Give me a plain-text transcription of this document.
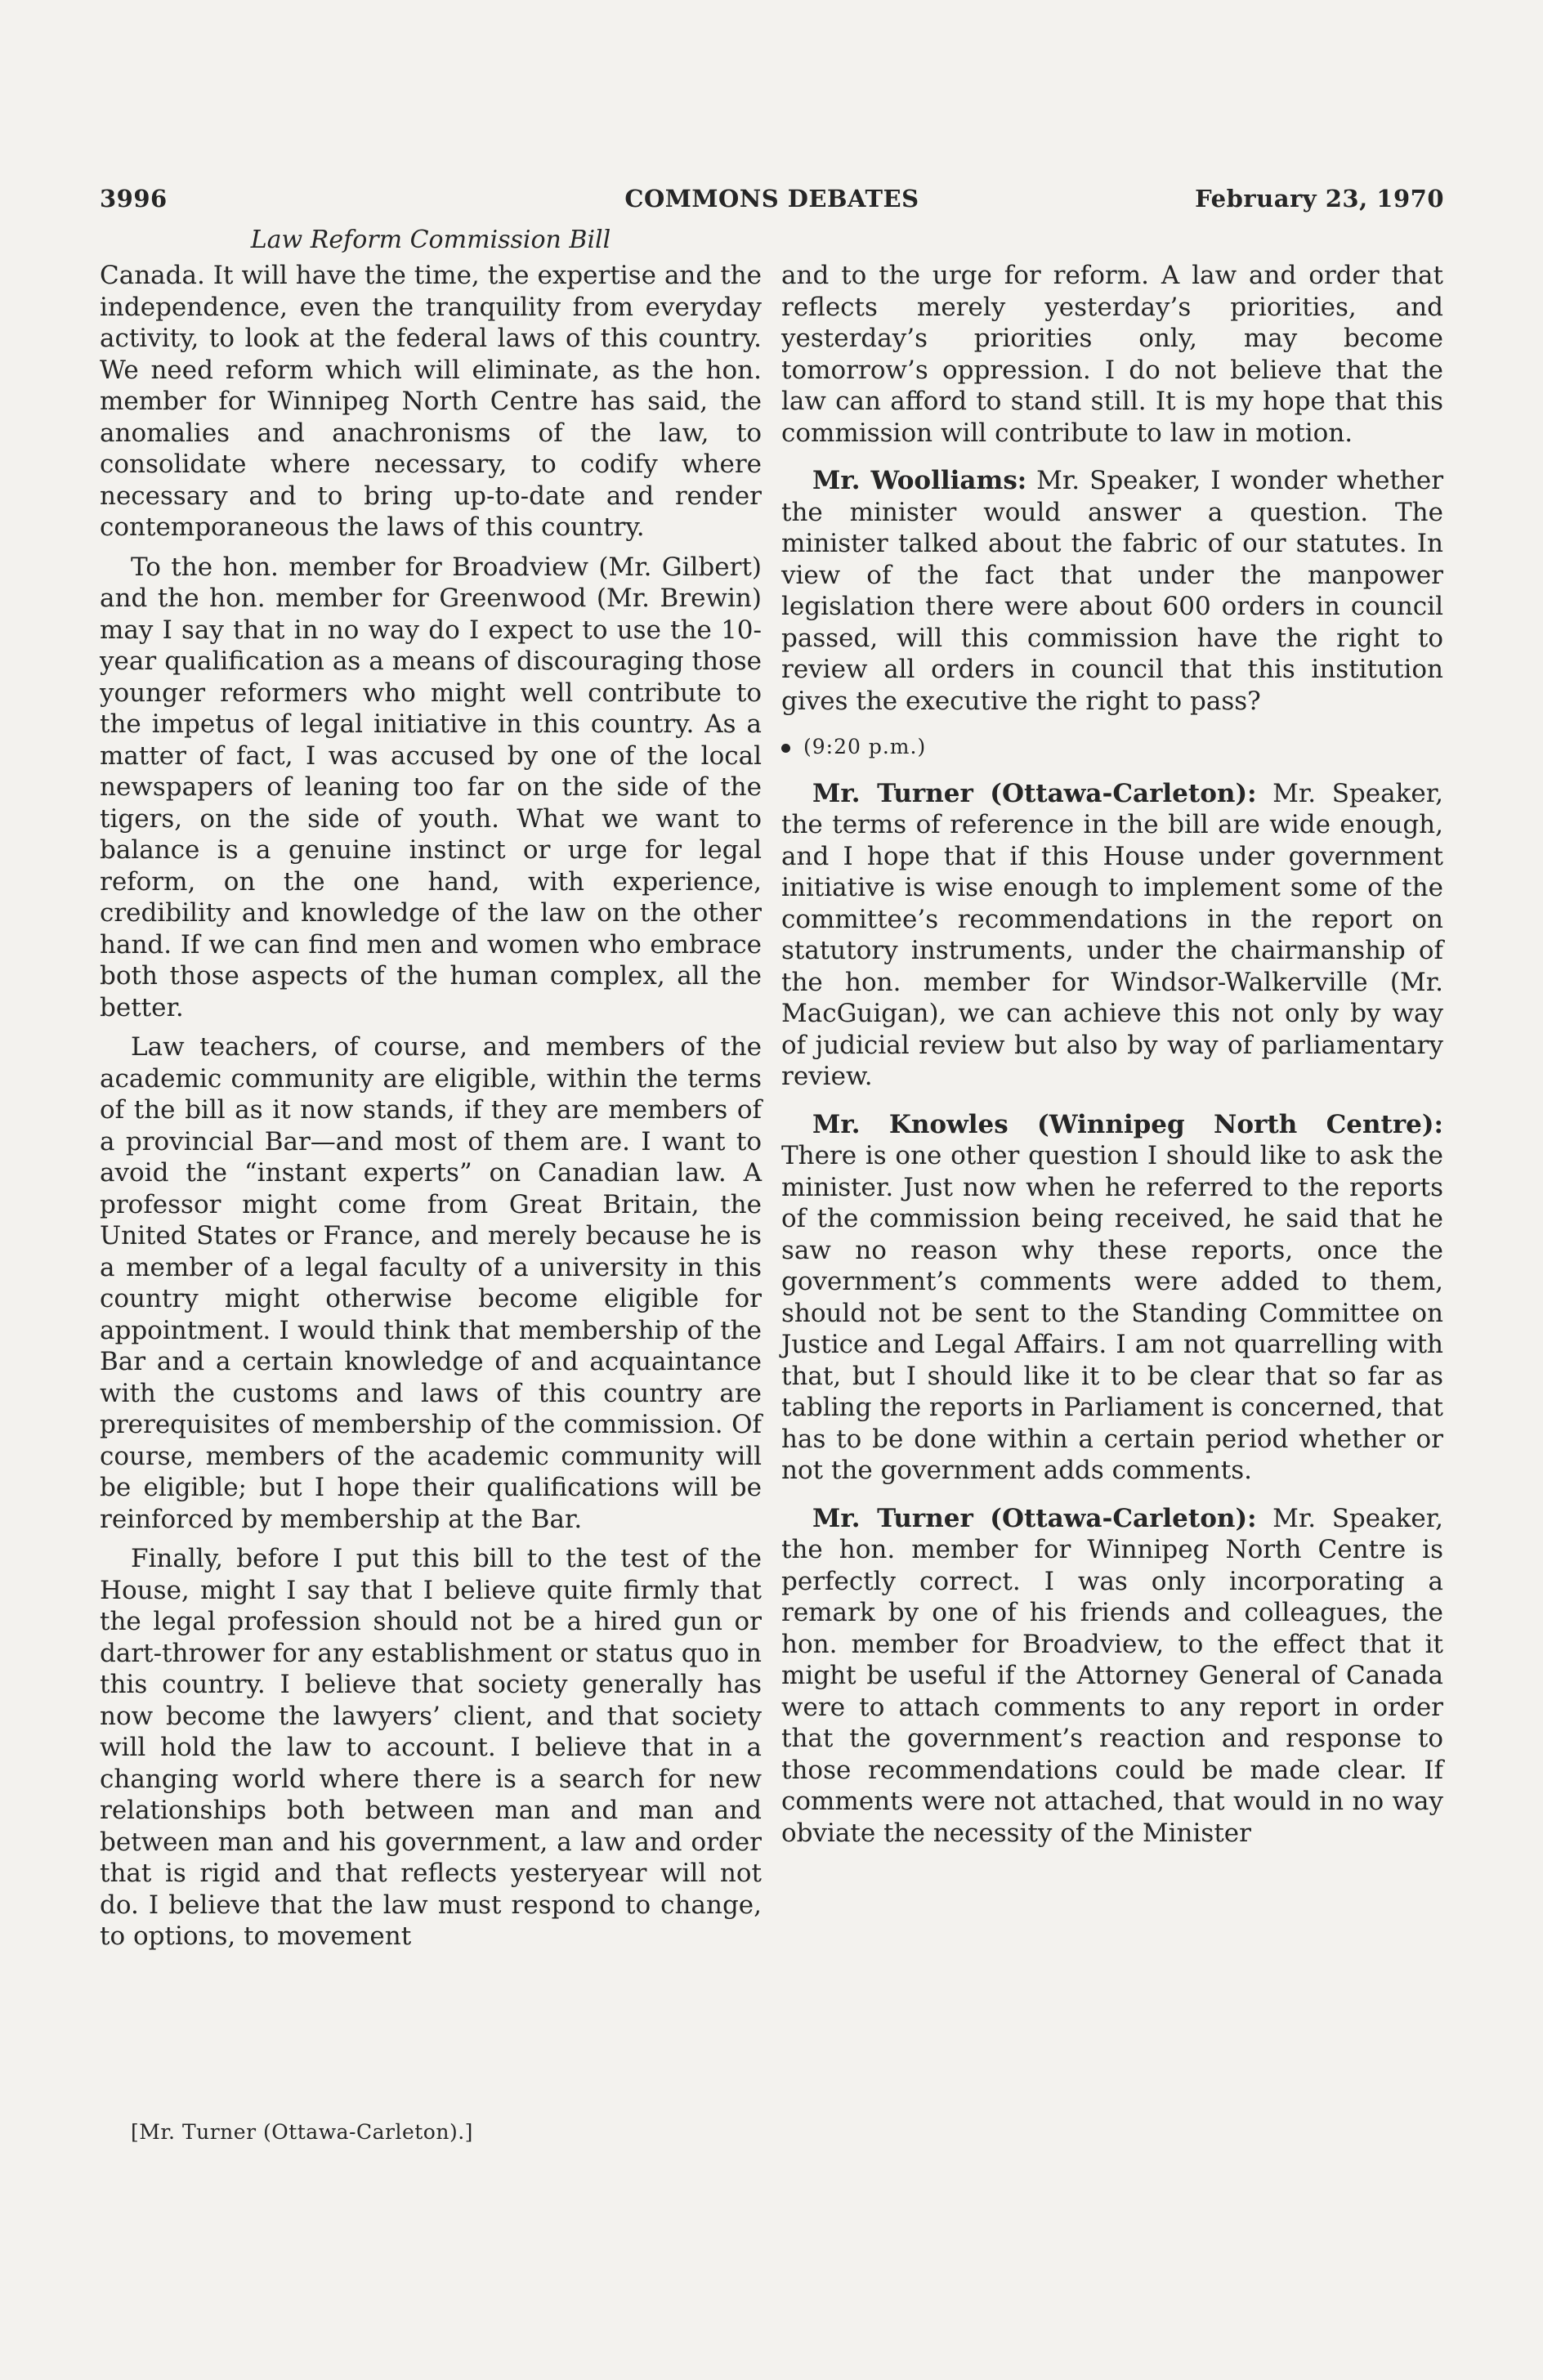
3996	COMMONS DEBATES	February 23, 1970
Law Reform Commission Bill

Canada. It will have the time, the expertise and the independence, even the tranquility from everyday activity, to look at the federal laws of this country. We need reform which will eliminate, as the hon. member for Winnipeg North Centre has said, the anomalies and anachronisms of the law, to consolidate where necessary, to codify where necessary and to bring up-to-date and render contemporaneous the laws of this country.

To the hon. member for Broadview (Mr. Gilbert) and the hon. member for Greenwood (Mr. Brewin) may I say that in no way do I expect to use the 10-year qualification as a means of discouraging those younger reformers who might well contribute to the impetus of legal initiative in this country. As a matter of fact, I was accused by one of the local newspapers of leaning too far on the side of the tigers, on the side of youth. What we want to balance is a genuine instinct or urge for legal reform, on the one hand, with experience, credibility and knowledge of the law on the other hand. If we can find men and women who embrace both those aspects of the human complex, all the better.

Law teachers, of course, and members of the academic community are eligible, within the terms of the bill as it now stands, if they are members of a provincial Bar—and most of them are. I want to avoid the “instant experts” on Canadian law. A professor might come from Great Britain, the United States or France, and merely because he is a member of a legal faculty of a university in this country might otherwise become eligible for appointment. I would think that membership of the Bar and a certain knowledge of and acquaintance with the customs and laws of this country are prerequisites of membership of the commission. Of course, members of the academic community will be eligible; but I hope their qualifications will be reinforced by membership at the Bar.

Finally, before I put this bill to the test of the House, might I say that I believe quite firmly that the legal profession should not be a hired gun or dart-thrower for any establishment or status quo in this country. I believe that society generally has now become the lawyers’ client, and that society will hold the law to account. I believe that in a changing world where there is a search for new relationships both between man and man and between man and his government, a law and order that is rigid and that reflects yesteryear will not do. I believe that the law must respond to change, to options, to movement

[Mr. Turner (Ottawa-Carleton).]

and to the urge for reform. A law and order that reflects merely yesterday’s priorities, and yesterday’s priorities only, may become tomorrow’s oppression. I do not believe that the law can afford to stand still. It is my hope that this commission will contribute to law in motion.

Mr. Woolliams: Mr. Speaker, I wonder whether the minister would answer a question. The minister talked about the fabric of our statutes. In view of the fact that under the manpower legislation there were about 600 orders in council passed, will this commission have the right to review all orders in council that this institution gives the executive the right to pass?

(9:20 p.m.)

Mr. Turner (Ottawa-Carleton): Mr. Speaker, the terms of reference in the bill are wide enough, and I hope that if this House under government initiative is wise enough to implement some of the committee’s recommendations in the report on statutory instruments, under the chairmanship of the hon. member for Windsor-Walkerville (Mr. MacGuigan), we can achieve this not only by way of judicial review but also by way of parliamentary review.

Mr. Knowles (Winnipeg North Centre): There is one other question I should like to ask the minister. Just now when he referred to the reports of the commission being received, he said that he saw no reason why these reports, once the government’s comments were added to them, should not be sent to the Standing Committee on Justice and Legal Affairs. I am not quarrelling with that, but I should like it to be clear that so far as tabling the reports in Parliament is concerned, that has to be done within a certain period whether or not the government adds comments.

Mr. Turner (Ottawa-Carleton): Mr. Speaker, the hon. member for Winnipeg North Centre is perfectly correct. I was only incorporating a remark by one of his friends and colleagues, the hon. member for Broadview, to the effect that it might be useful if the Attorney General of Canada were to attach comments to any report in order that the government’s reaction and response to those recommendations could be made clear. If comments were not attached, that would in no way obviate the necessity of the Minister
